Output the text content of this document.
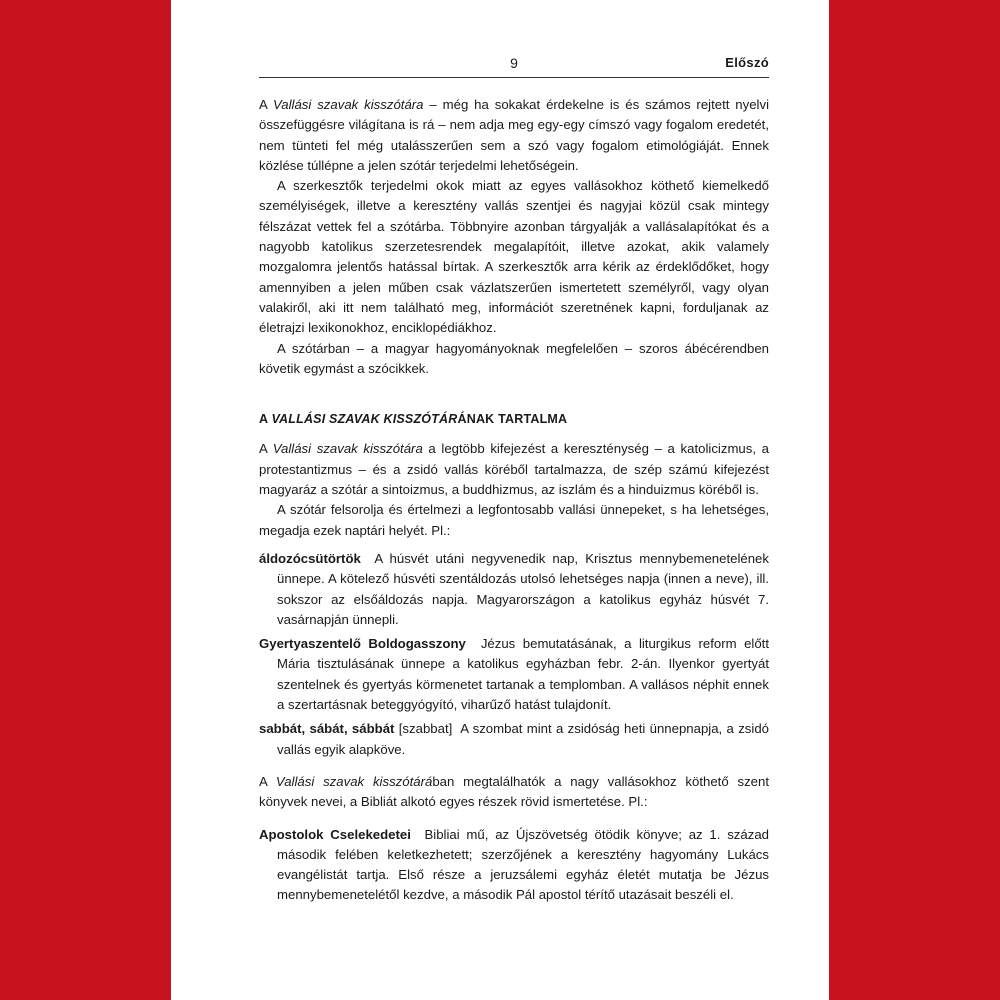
9	Előszó

A Vallási szavak kisszótára – még ha sokakat érdekelne is és számos rejtett nyelvi összefüggésre világítana is rá – nem adja meg egy-egy címszó vagy fogalom eredetét, nem tünteti fel még utalásszerűen sem a szó vagy fogalom etimológiáját. Ennek közlése túllépne a jelen szótár terjedelmi lehetőségein.

A szerkesztők terjedelmi okok miatt az egyes vallásokhoz köthető kiemelkedő személyiségek, illetve a keresztény vallás szentjei és nagyjai közül csak mintegy félszázat vettek fel a szótárba. Többnyire azonban tárgyalják a vallásalapítókat és a nagyobb katolikus szerzetesrendek megalapítóit, illetve azokat, akik valamely mozgalomra jelentős hatással bírtak. A szerkesztők arra kérik az érdeklődőket, hogy amennyiben a jelen műben csak vázlatszerűen ismertetett személyről, vagy olyan valakiről, aki itt nem található meg, információt szeretnének kapni, forduljanak az életrajzi lexikonokhoz, enciklopédiákhoz.

A szótárban – a magyar hagyományoknak megfelelően – szoros ábécérendben követik egymást a szócikkek.

A VALLÁSI SZAVAK KISSZÓTÁRÁNAK TARTALMA

A Vallási szavak kisszótára a legtöbb kifejezést a kereszténység – a katolicizmus, a protestantizmus – és a zsidó vallás köréből tartalmazza, de szép számú kifejezést magyaráz a szótár a sintoizmus, a buddhizmus, az iszlám és a hinduizmus köréből is.

A szótár felsorolja és értelmezi a legfontosabb vallási ünnepeket, s ha lehetséges, megadja ezek naptári helyét. Pl.:

áldozócsütörtök A húsvét utáni negyvenedik nap, Krisztus mennybemenetelének ünnepe. A kötelező húsvéti szentáldozás utolsó lehetséges napja (innen a neve), ill. sokszor az elsőáldozás napja. Magyarországon a katolikus egyház húsvét 7. vasárnapján ünnepli.

Gyertyaszentelő Boldogasszony Jézus bemutatásának, a liturgikus reform előtt Mária tisztulásának ünnepe a katolikus egyházban febr. 2-án. Ilyenkor gyertyát szentelnek és gyertyás körmenetet tartanak a templomban. A vallásos néphit ennek a szertartásnak beteggyógyító, viharűző hatást tulajdonít.

sabbát, sábát, sábbát [szabbat] A szombat mint a zsidóság heti ünnepnapja, a zsidó vallás egyik alapköve.

A Vallási szavak kisszótárában megtalálhatók a nagy vallásokhoz köthető szent könyvek nevei, a Bibliát alkotó egyes részek rövid ismertetése. Pl.:

Apostolok Cselekedetei Bibliai mű, az Újszövetség ötödik könyve; az 1. század második felében keletkezhetett; szerzőjének a keresztény hagyomány Lukács evangélistát tartja. Első része a jeruzsálemi egyház életét mutatja be Jézus mennybemenetelétől kezdve, a második Pál apostol térítő utazásait beszéli el.
